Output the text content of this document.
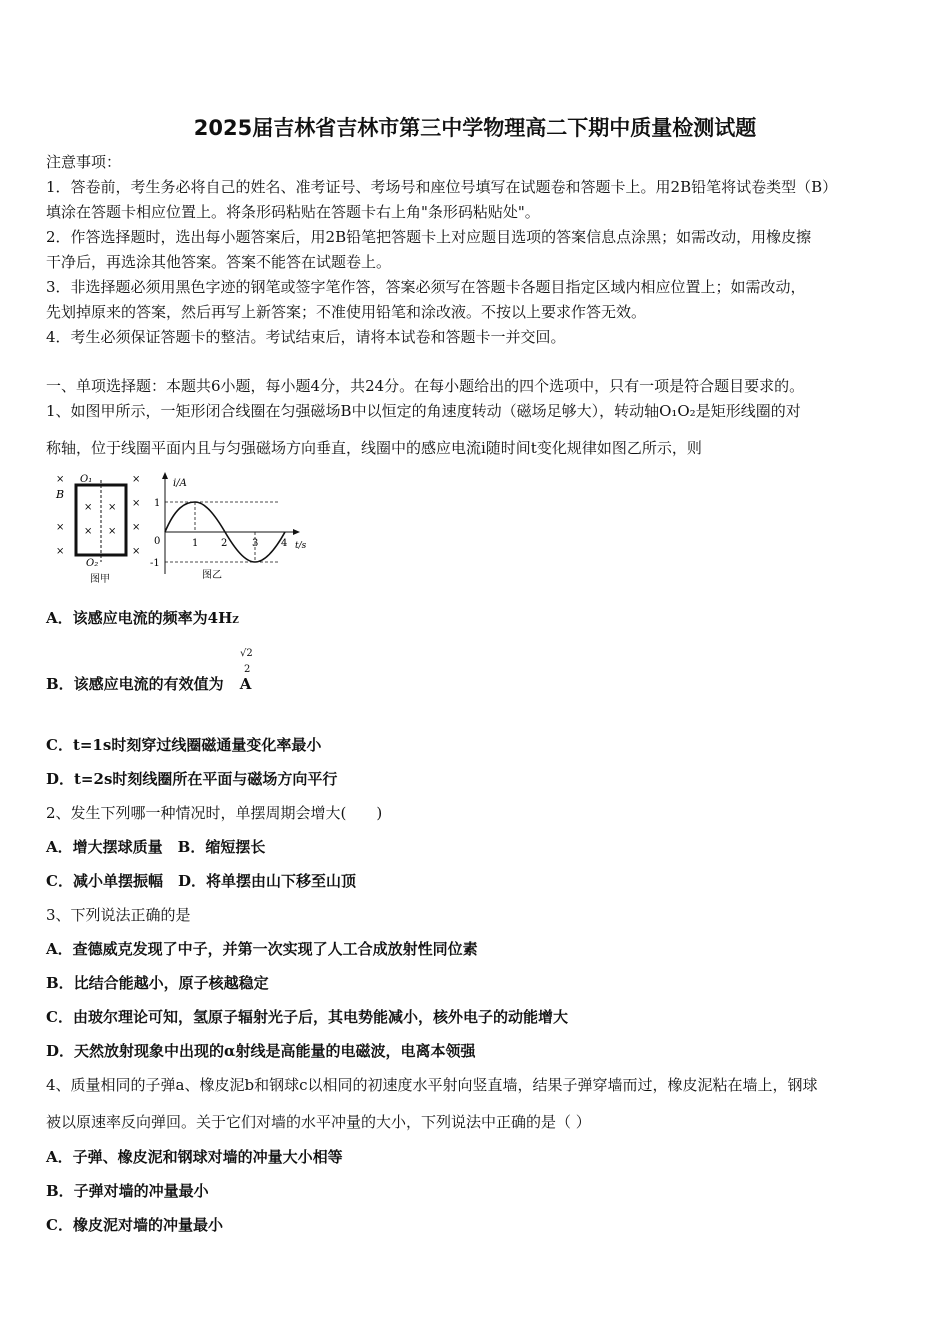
2025届吉林省吉林市第三中学物理高二下期中质量检测试题
注意事项：
1．答卷前，考生务必将自己的姓名、准考证号、考场号和座位号填写在试题卷和答题卡上。用2B铅笔将试卷类型（B）
填涂在答题卡相应位置上。将条形码粘贴在答题卡右上角"条形码粘贴处"。
2．作答选择题时，选出每小题答案后，用2B铅笔把答题卡上对应题目选项的答案信息点涂黑；如需改动，用橡皮擦
干净后，再选涂其他答案。答案不能答在试题卷上。
3．非选择题必须用黑色字迹的钢笔或签字笔作答，答案必须写在答题卡各题目指定区域内相应位置上；如需改动，
先划掉原来的答案，然后再写上新答案；不准使用铅笔和涂改液。不按以上要求作答无效。
4．考生必须保证答题卡的整洁。考试结束后，请将本试卷和答题卡一并交回。
一、单项选择题：本题共6小题，每小题4分，共24分。在每小题给出的四个选项中，只有一项是符合题目要求的。
1、如图甲所示，一矩形闭合线圈在匀强磁场B中以恒定的角速度转动（磁场足够大），转动轴O₁O₂是矩形线圈的对
称轴，位于线圈平面内且与匀强磁场方向垂直，线圈中的感应电流i随时间t变化规律如图乙所示，则
×
B
×
×
×
×
×
×
O₁
× ×
× ×
O₂
图甲
i/A
t/s
1
0
-1
1 2 3 4
图乙
A．该感应电流的频率为4HZ
√2
2
B．该感应电流的有效值为 A
C．t=1s时刻穿过线圈磁通量变化率最小
D．t=2s时刻线圈所在平面与磁场方向平行
2、发生下列哪一种情况时，单摆周期会增大(　　)
A．增大摆球质量　B．缩短摆长
C．减小单摆振幅　D．将单摆由山下移至山顶
3、下列说法正确的是
A．查德威克发现了中子，并第一次实现了人工合成放射性同位素
B．比结合能越小，原子核越稳定
C．由玻尔理论可知，氢原子辐射光子后，其电势能减小，核外电子的动能增大
D．天然放射现象中出现的α射线是高能量的电磁波，电离本领强
4、质量相同的子弹a、橡皮泥b和钢球c以相同的初速度水平射向竖直墙，结果子弹穿墙而过，橡皮泥粘在墙上，钢球
被以原速率反向弹回。关于它们对墙的水平冲量的大小，下列说法中正确的是（ ）
A．子弹、橡皮泥和钢球对墙的冲量大小相等
B．子弹对墙的冲量最小
C．橡皮泥对墙的冲量最小
